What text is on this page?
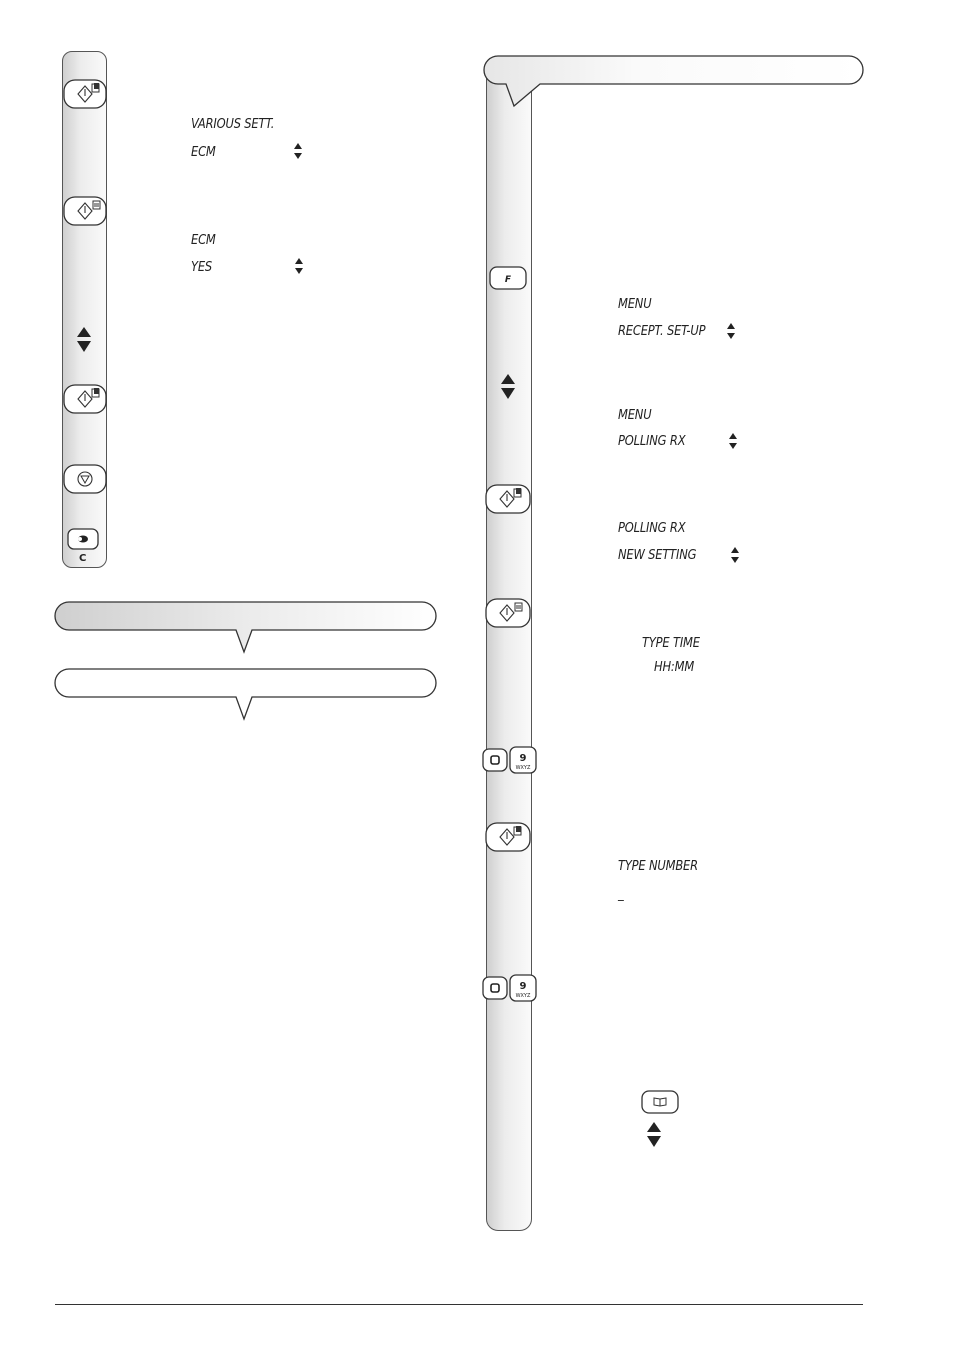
VARIOUS SETT.
ECM
ECM
YES
C
F
MENU
RECEPT. SET-UP
MENU
POLLING RX
POLLING RX
NEW SETTING
TYPE TIME
HH:MM
9
WXYZ
TYPE NUMBER
_
9
WXYZ
